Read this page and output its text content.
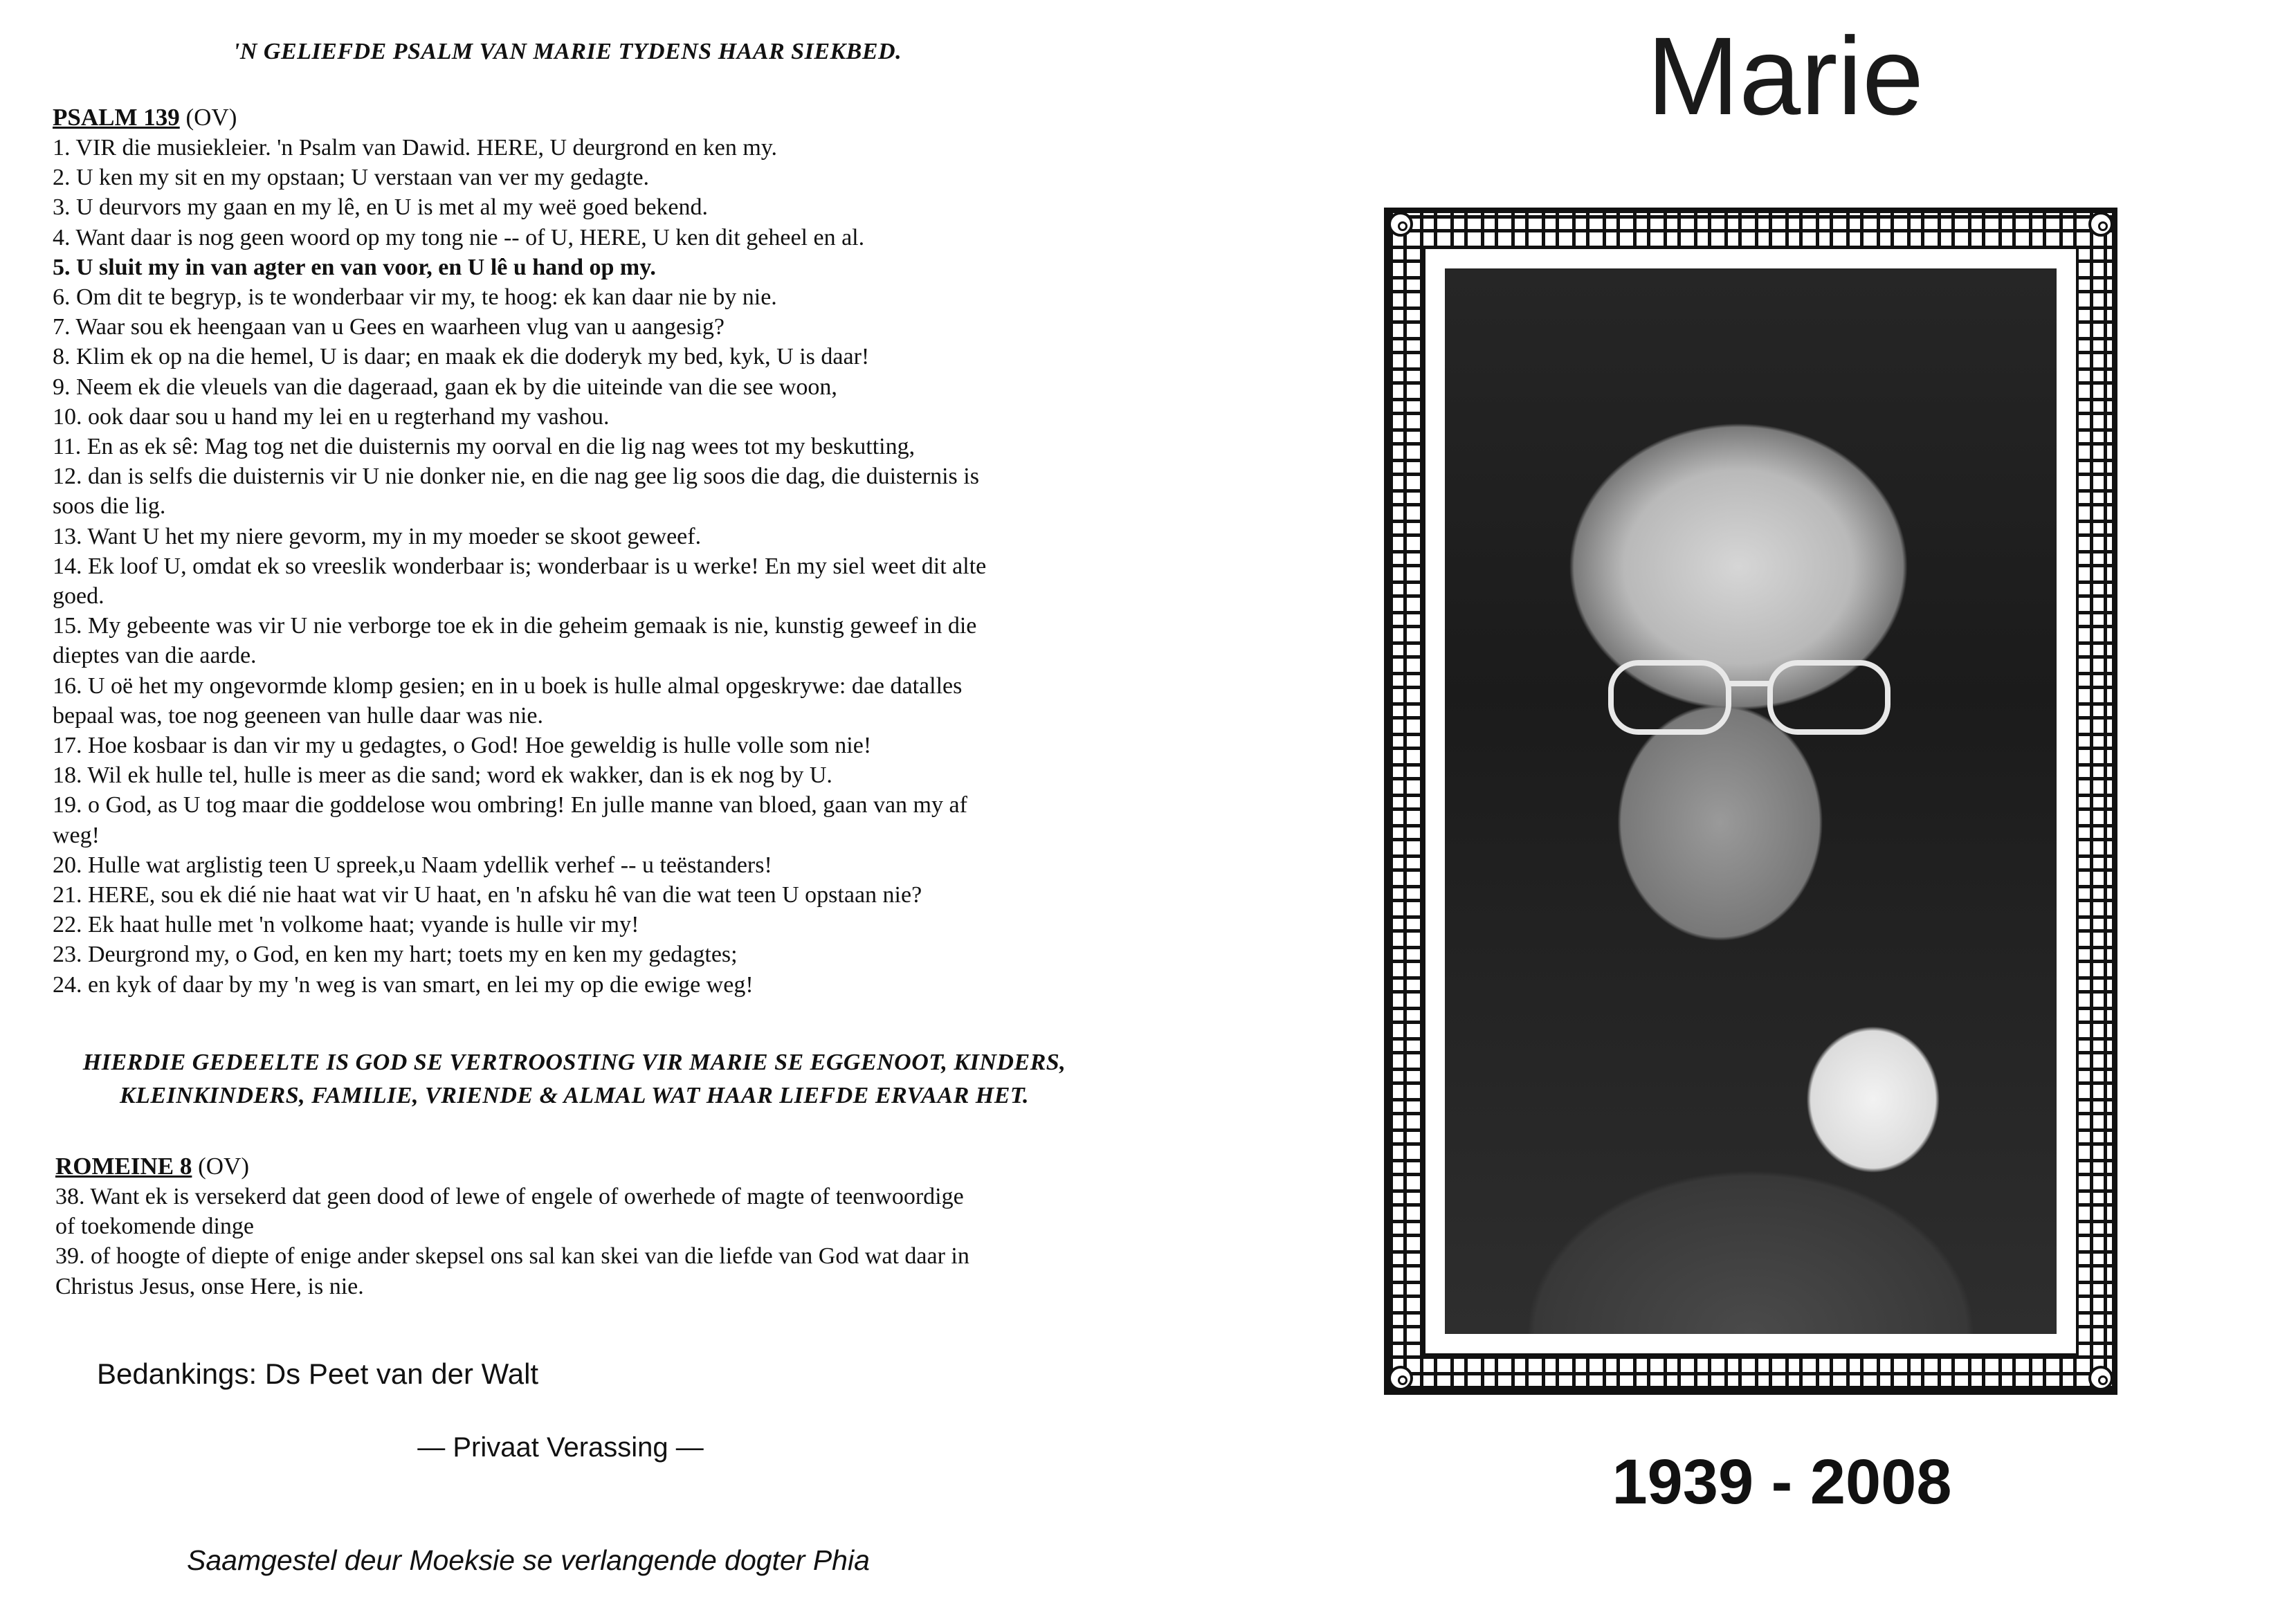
'N GELIEFDE PSALM VAN MARIE TYDENS HAAR SIEKBED.
PSALM 139 (OV)
1. VIR die musiekleier. 'n Psalm van Dawid. HERE, U deurgrond en ken my.
2. U ken my sit en my opstaan; U verstaan van ver my gedagte.
3. U deurvors my gaan en my lê, en U is met al my weë goed bekend.
4. Want daar is nog geen woord op my tong nie -- of U, HERE, U ken dit geheel en al.
5. U sluit my in van agter en van voor, en U lê u hand op my.
6. Om dit te begryp, is te wonderbaar vir my, te hoog: ek kan daar nie by nie.
7. Waar sou ek heengaan van u Gees en waarheen vlug van u aangesig?
8. Klim ek op na die hemel, U is daar; en maak ek die doderyk my bed, kyk, U is daar!
9. Neem ek die vleuels van die dageraad, gaan ek by die uiteinde van die see woon,
10. ook daar sou u hand my lei en u regterhand my vashou.
11. En as ek sê: Mag tog net die duisternis my oorval en die lig nag wees tot my beskutting,
12. dan is selfs die duisternis vir U nie donker nie, en die nag gee lig soos die dag, die duisternis is
soos die lig.
13. Want U het my niere gevorm, my in my moeder se skoot geweef.
14. Ek loof U, omdat ek so vreeslik wonderbaar is; wonderbaar is u werke! En my siel weet dit alte
goed.
15. My gebeente was vir U nie verborge toe ek in die geheim gemaak is nie, kunstig geweef in die
dieptes van die aarde.
16. U oë het my ongevormde klomp gesien; en in u boek is hulle almal opgeskrywe: dae datalles
bepaal was, toe nog geeneen van hulle daar was nie.
17. Hoe kosbaar is dan vir my u gedagtes, o God! Hoe geweldig is hulle volle som nie!
18. Wil ek hulle tel, hulle is meer as die sand; word ek wakker, dan is ek nog by U.
19. o God, as U tog maar die goddelose wou ombring! En julle manne van bloed, gaan van my af
weg!
20. Hulle wat arglistig teen U spreek,u Naam ydellik verhef -- u teëstanders!
21. HERE, sou ek dié nie haat wat vir U haat, en 'n afsku hê van die wat teen U opstaan nie?
22. Ek haat hulle met 'n volkome haat; vyande is hulle vir my!
23. Deurgrond my, o God, en ken my hart; toets my en ken my gedagtes;
24. en kyk of daar by my 'n weg is van smart, en lei my op die ewige weg!
HIERDIE GEDEELTE IS GOD SE VERTROOSTING VIR MARIE SE EGGENOOT, KINDERS,
KLEINKINDERS, FAMILIE, VRIENDE & ALMAL WAT HAAR LIEFDE ERVAAR HET.
ROMEINE 8 (OV)
38. Want ek is versekerd dat geen dood of lewe of engele of owerhede of magte of teenwoordige
of toekomende dinge
39. of hoogte of diepte of enige ander skepsel ons sal kan skei van die liefde van God wat daar in
Christus Jesus, onse Here, is nie.
Bedankings: Ds Peet van der Walt
— Privaat Verassing —
Saamgestel deur Moeksie se verlangende dogter Phia
Marie
1939 - 2008
